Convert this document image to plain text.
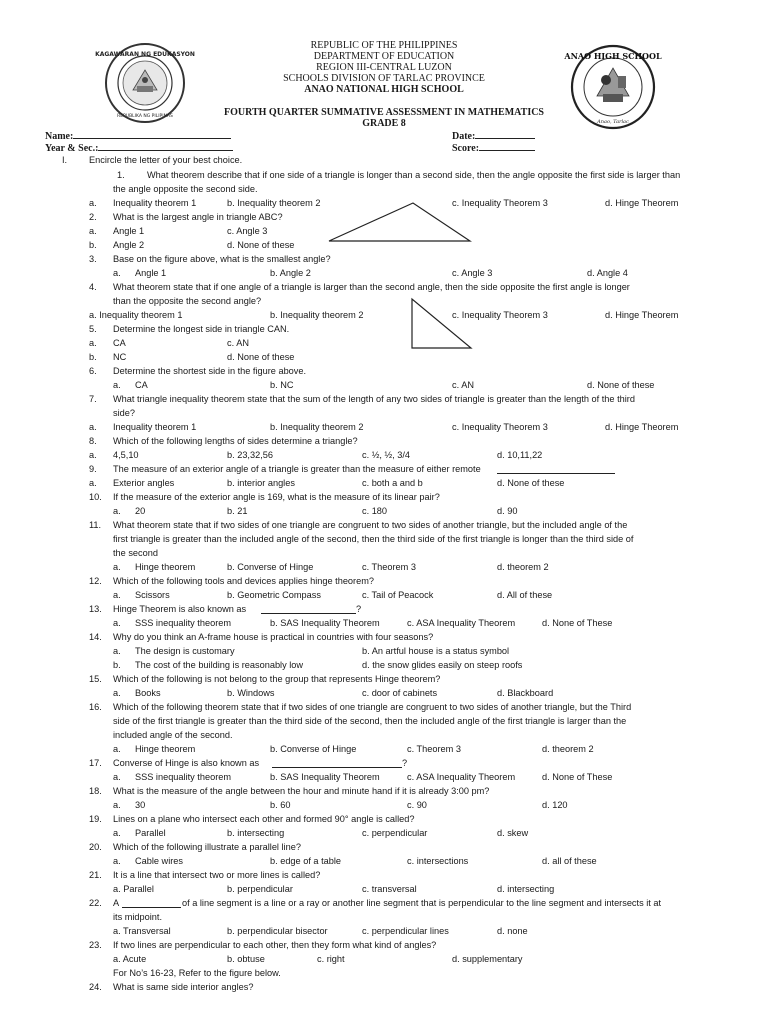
REPUBLIC OF THE PHILIPPINES
DEPARTMENT OF EDUCATION
REGION III-CENTRAL LUZON
SCHOOLS DIVISION OF TARLAC PROVINCE
ANAO NATIONAL HIGH SCHOOL
FOURTH QUARTER SUMMATIVE ASSESSMENT IN MATHEMATICS
GRADE 8
KAGAWARAN NG EDUKASYON
REPUBLIKA NG PILIPINAS
ANAO HIGH SCHOOL
Anao, Tarlac
Name:
Year & Sec.:
Date:
Score:
I. Encircle the letter of your best choice.
1. What theorem describe that if one side of a triangle is longer than a second side, then the angle opposite the first side is larger than
the angle opposite the second side.
a. Inequality theorem 1	b. Inequality theorem 2	c. Inequality Theorem 3	d. Hinge Theorem
2. What is the largest angle in triangle ABC?
a. Angle 1	c. Angle 3
b. Angle 2	d. None of these
3. Base on the figure above, what is the smallest angle?
a. Angle 1	b. Angle 2	c. Angle 3	d. Angle 4
4. What theorem state that if one angle of a triangle is larger than the second angle, then the side opposite the first angle is longer
than the opposite the second angle?
a. Inequality theorem 1	b. Inequality theorem 2	c. Inequality Theorem 3	d. Hinge Theorem
5. Determine the longest side in triangle CAN.
a. CA	c. AN
b. NC	d. None of these
6. Determine the shortest side in the figure above.
a. CA	b. NC	c. AN	d. None of these
7. What triangle inequality theorem state that the sum of the length of any two sides of triangle is greater than the length of the third
side?
a. Inequality theorem 1	b. Inequality theorem 2	c. Inequality Theorem 3	d. Hinge Theorem
8. Which of the following lengths of sides determine a triangle?
a. 4,5,10	b. 23,32,56	c. ½, ½, 3/4	d. 10,11,22
9. The measure of an exterior angle of a triangle is greater than the measure of either remote
a. Exterior angles	b. interior angles	c. both a and b	d. None of these
10. If the measure of the exterior angle is 169, what is the measure of its linear pair?
a. 20	b. 21	c. 180	d. 90
11. What theorem state that if two sides of one triangle are congruent to two sides of another triangle, but the included angle of the
first triangle is greater than the included angle of the second, then the third side of the first triangle is longer than the third side of
the second
a. Hinge theorem	b. Converse of Hinge	c. Theorem 3	d. theorem 2
12. Which of the following tools and devices applies hinge theorem?
a. Scissors	b. Geometric Compass	c. Tail of Peacock	d. All of these
13. Hinge Theorem is also known as	?
a. SSS inequality theorem	b. SAS Inequality Theorem	c. ASA Inequality Theorem	d. None of These
14. Why do you think an A-frame house is practical in countries with four seasons?
a. The design is customary	b. An artful house is a status symbol
b. The cost of the building is reasonably low	d. the snow glides easily on steep roofs
15. Which of the following is not belong to the group that represents Hinge theorem?
a. Books	b. Windows	c. door of cabinets	d. Blackboard
16. Which of the following theorem state that if two sides of one triangle are congruent to two sides of another triangle, but the Third
side of the first triangle is greater than the third side of the second, then the included angle of the first triangle is larger than the
included angle of the second.
a. Hinge theorem	b. Converse of Hinge	c. Theorem 3	d. theorem 2
17. Converse of Hinge is also known as	?
a. SSS inequality theorem	b. SAS Inequality Theorem	c. ASA Inequality Theorem	d. None of These
18. What is the measure of the angle between the hour and minute hand if it is already 3:00 pm?
a. 30	b. 60	c. 90	d. 120
19. Lines on a plane who intersect each other and formed 90° angle is called?
a. Parallel	b. intersecting	c. perpendicular	d. skew
20. Which of the following illustrate a parallel line?
a. Cable wires	b. edge of a table	c. intersections	d. all of these
21. It is a line that intersect two or more lines is called?
a. Parallel	b. perpendicular	c. transversal	d. intersecting
22. A	of a line segment is a line or a ray or another line segment that is perpendicular to the line segment and intersects it at
its midpoint.
a. Transversal	b. perpendicular bisector	c. perpendicular lines	d. none
23. If two lines are perpendicular to each other, then they form what kind of angles?
a. Acute	b. obtuse	c. right	d. supplementary
For No’s 16-23, Refer to the figure below.
24. What is same side interior angles?
